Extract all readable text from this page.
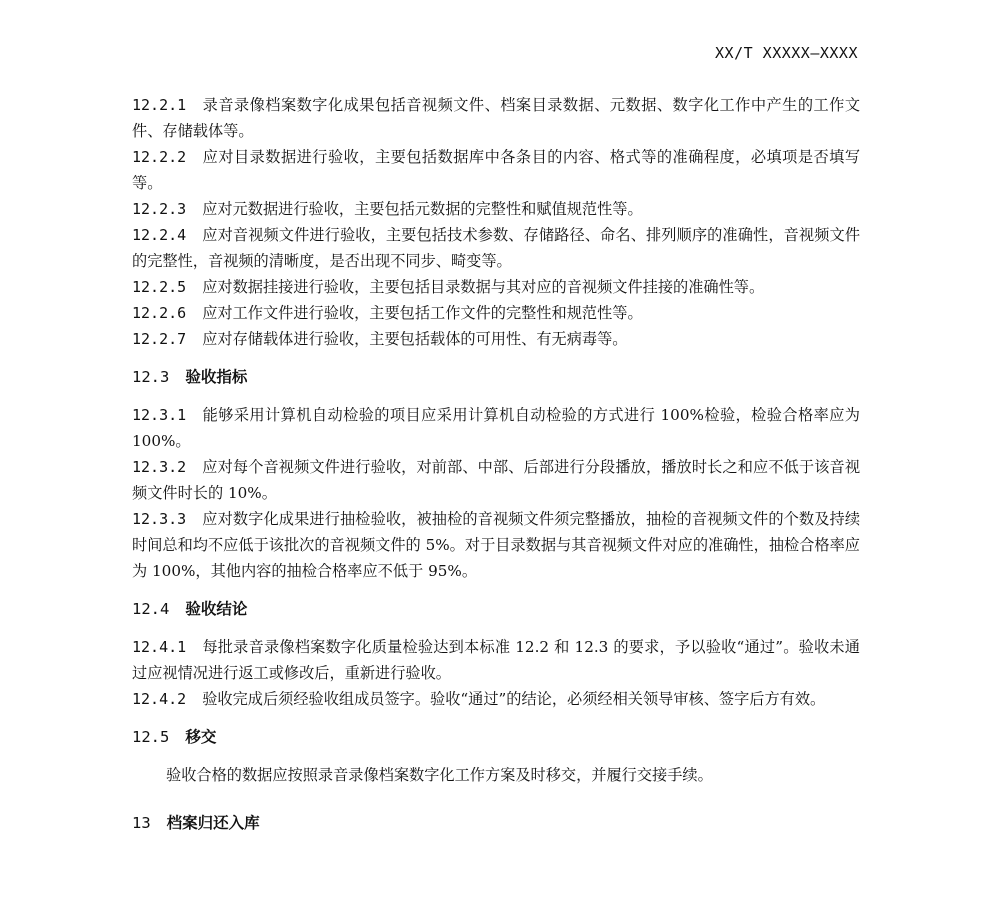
XX/T XXXXX—XXXX
12.2.1 录音录像档案数字化成果包括音视频文件、档案目录数据、元数据、数字化工作中产生的工作文件、存储载体等。
12.2.2 应对目录数据进行验收，主要包括数据库中各条目的内容、格式等的准确程度，必填项是否填写等。
12.2.3 应对元数据进行验收，主要包括元数据的完整性和赋值规范性等。
12.2.4 应对音视频文件进行验收，主要包括技术参数、存储路径、命名、排列顺序的准确性，音视频文件的完整性，音视频的清晰度，是否出现不同步、畸变等。
12.2.5 应对数据挂接进行验收，主要包括目录数据与其对应的音视频文件挂接的准确性等。
12.2.6 应对工作文件进行验收，主要包括工作文件的完整性和规范性等。
12.2.7 应对存储载体进行验收，主要包括载体的可用性、有无病毒等。
12.3 验收指标
12.3.1 能够采用计算机自动检验的项目应采用计算机自动检验的方式进行 100%检验，检验合格率应为 100%。
12.3.2 应对每个音视频文件进行验收，对前部、中部、后部进行分段播放，播放时长之和应不低于该音视频文件时长的 10%。
12.3.3 应对数字化成果进行抽检验收，被抽检的音视频文件须完整播放，抽检的音视频文件的个数及持续时间总和均不应低于该批次的音视频文件的 5%。对于目录数据与其音视频文件对应的准确性，抽检合格率应为 100%，其他内容的抽检合格率应不低于 95%。
12.4 验收结论
12.4.1 每批录音录像档案数字化质量检验达到本标准 12.2 和 12.3 的要求，予以验收“通过”。验收未通过应视情况进行返工或修改后，重新进行验收。
12.4.2 验收完成后须经验收组成员签字。验收“通过”的结论，必须经相关领导审核、签字后方有效。
12.5 移交
验收合格的数据应按照录音录像档案数字化工作方案及时移交，并履行交接手续。
13 档案归还入库
